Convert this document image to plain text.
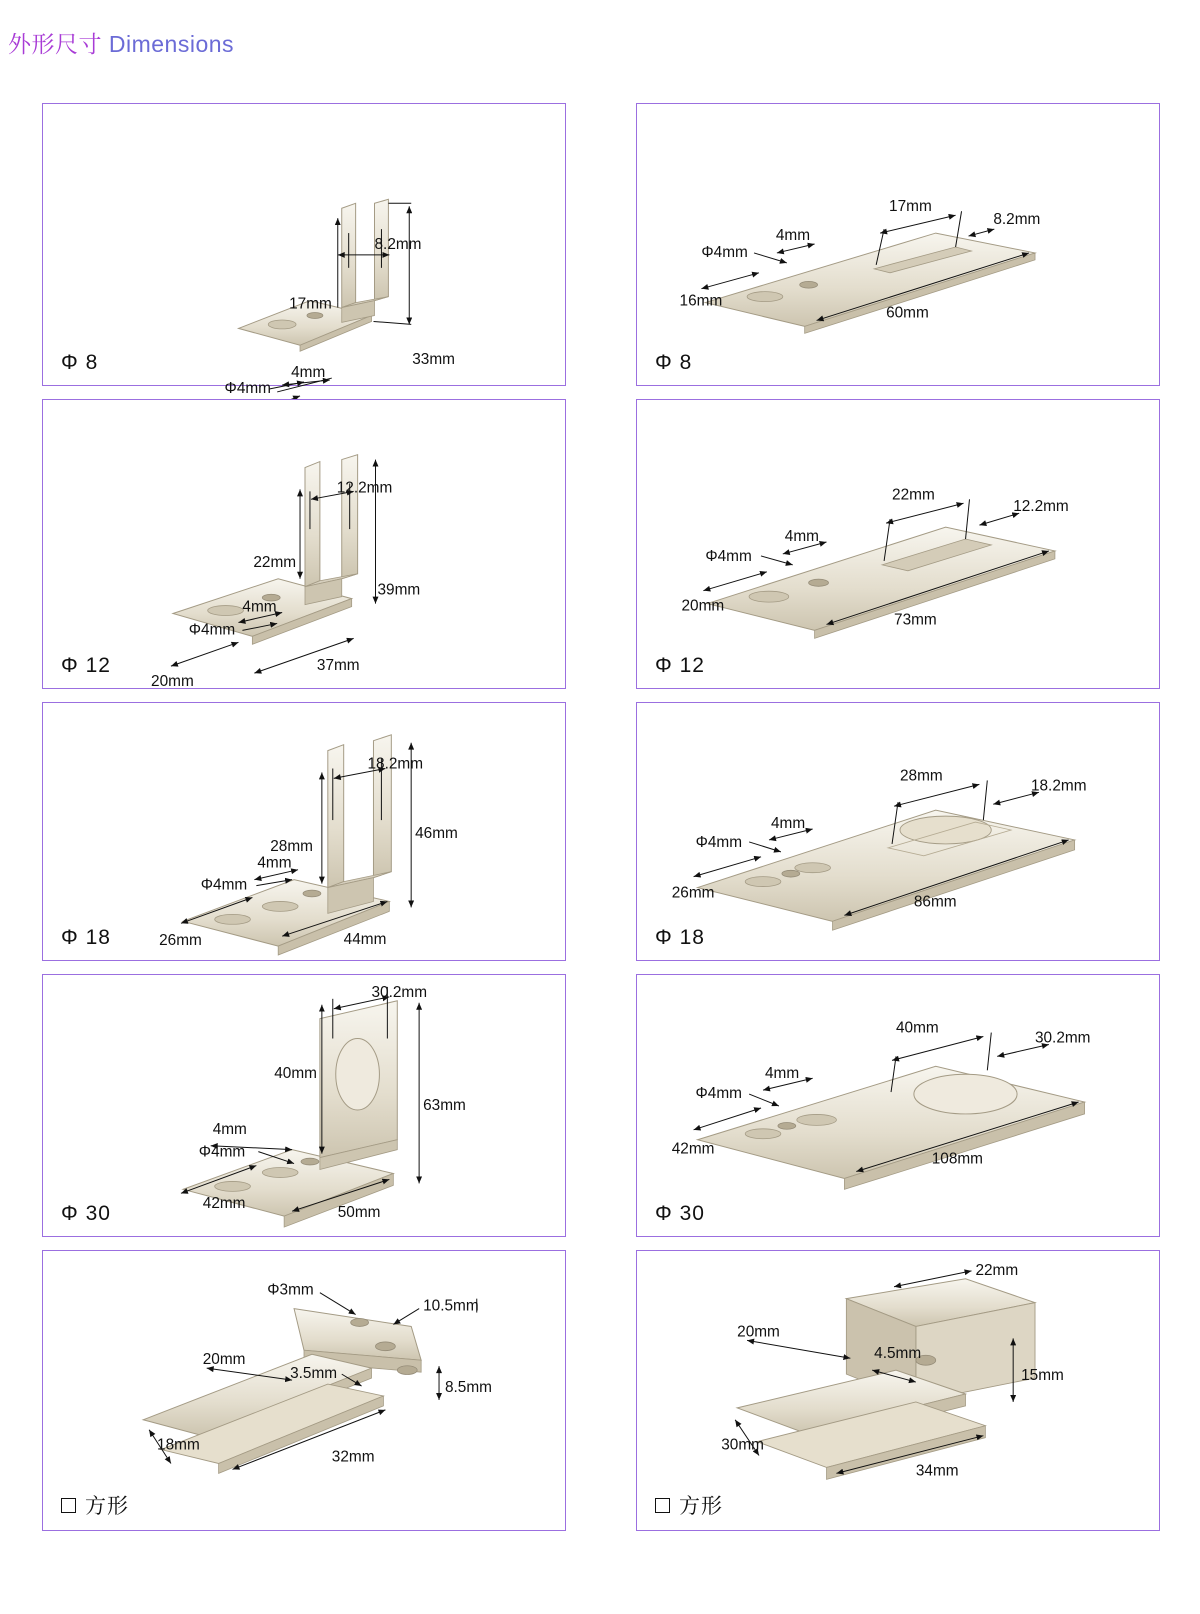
外形尺寸 Dimensions
8.2mm
17mm
33mm
4mm
Φ4mm
Φ 8
17mm
8.2mm
4mm
Φ4mm
16mm
60mm
Φ 8
12.2mm
22mm
39mm
4mm
Φ4mm
20mm
37mm
Φ 12
22mm
12.2mm
4mm
Φ4mm
20mm
73mm
Φ 12
18.2mm
28mm
46mm
4mm
Φ4mm
26mm	44mm
Φ 18
28mm
18.2mm
4mm
Φ4mm
26mm
86mm
Φ 18
30.2mm
40mm
63mm
4mm
Φ4mm
42mm
50mm
Φ 30
40mm
30.2mm
4mm
Φ4mm
42mm
108mm
Φ 30
Φ3mm
10.5mm
20mm
3.5mm
8.5mm
18mm
32mm
方形
22mm
20mm
4.5mm
15mm
30mm
34mm
方形
